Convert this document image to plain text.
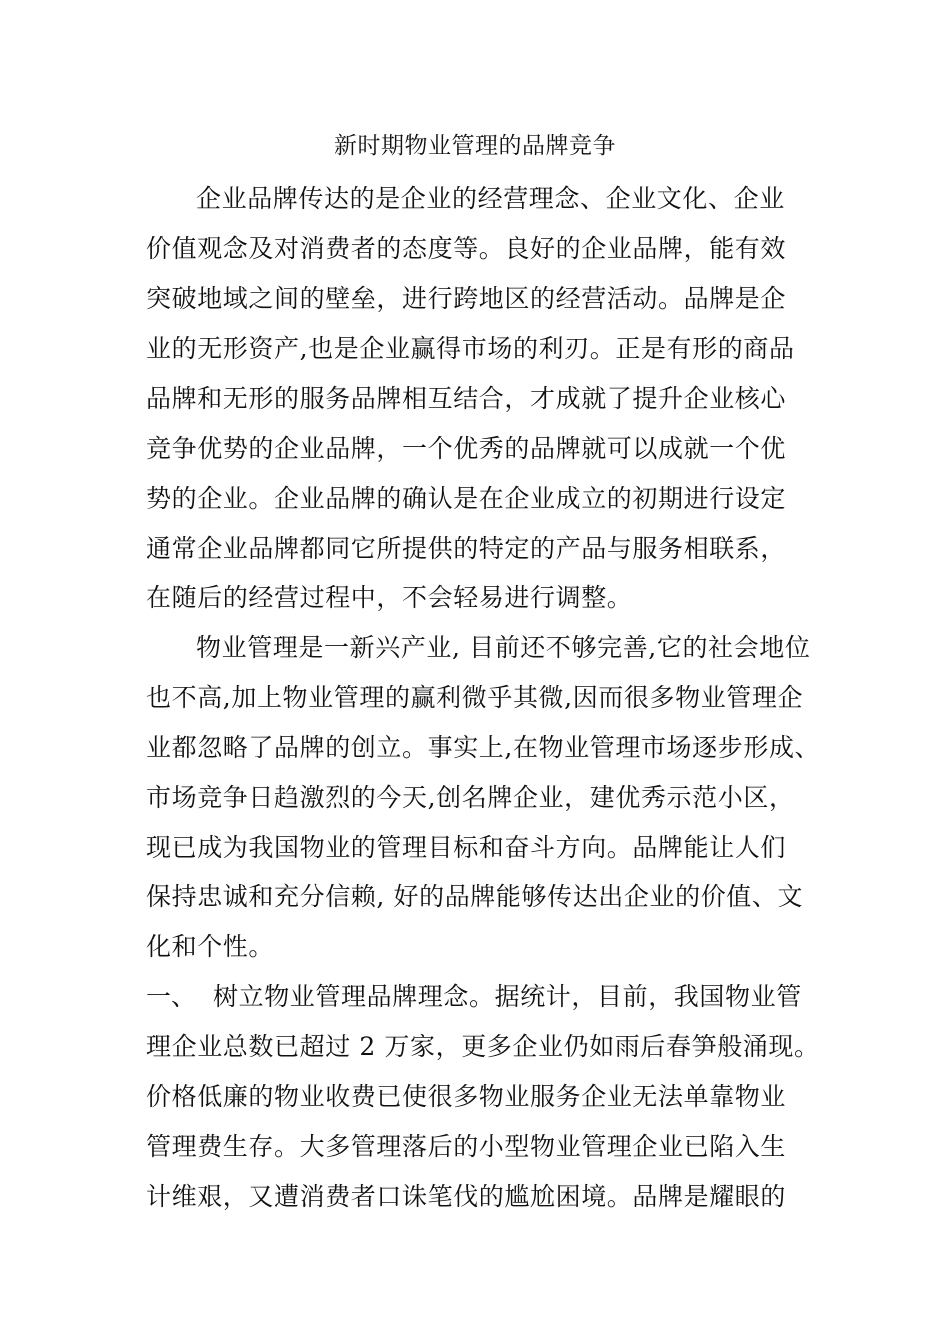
新时期物业管理的品牌竞争
企业品牌传达的是企业的经营理念、企业文化、企业
价值观念及对消费者的态度等。良好的企业品牌，能有效
突破地域之间的壁垒，进行跨地区的经营活动。品牌是企
业的无形资产,也是企业赢得市场的利刃。正是有形的商品
品牌和无形的服务品牌相互结合，才成就了提升企业核心
竞争优势的企业品牌，一个优秀的品牌就可以成就一个优
势的企业。企业品牌的确认是在企业成立的初期进行设定
通常企业品牌都同它所提供的特定的产品与服务相联系，
在随后的经营过程中，不会轻易进行调整。
物业管理是一新兴产业, 目前还不够完善,它的社会地位
也不高,加上物业管理的赢利微乎其微,因而很多物业管理企
业都忽略了品牌的创立。事实上,在物业管理市场逐步形成、
市场竞争日趋激烈的今天,创名牌企业，建优秀示范小区，
现已成为我国物业的管理目标和奋斗方向。品牌能让人们
保持忠诚和充分信赖, 好的品牌能够传达出企业的价值、文
化和个性。
一、 树立物业管理品牌理念。据统计，目前，我国物业管
理企业总数已超过 2 万家，更多企业仍如雨后春笋般涌现。
价格低廉的物业收费已使很多物业服务企业无法单靠物业
管理费生存。大多管理落后的小型物业管理企业已陷入生
计维艰，又遭消费者口诛笔伐的尴尬困境。品牌是耀眼的
